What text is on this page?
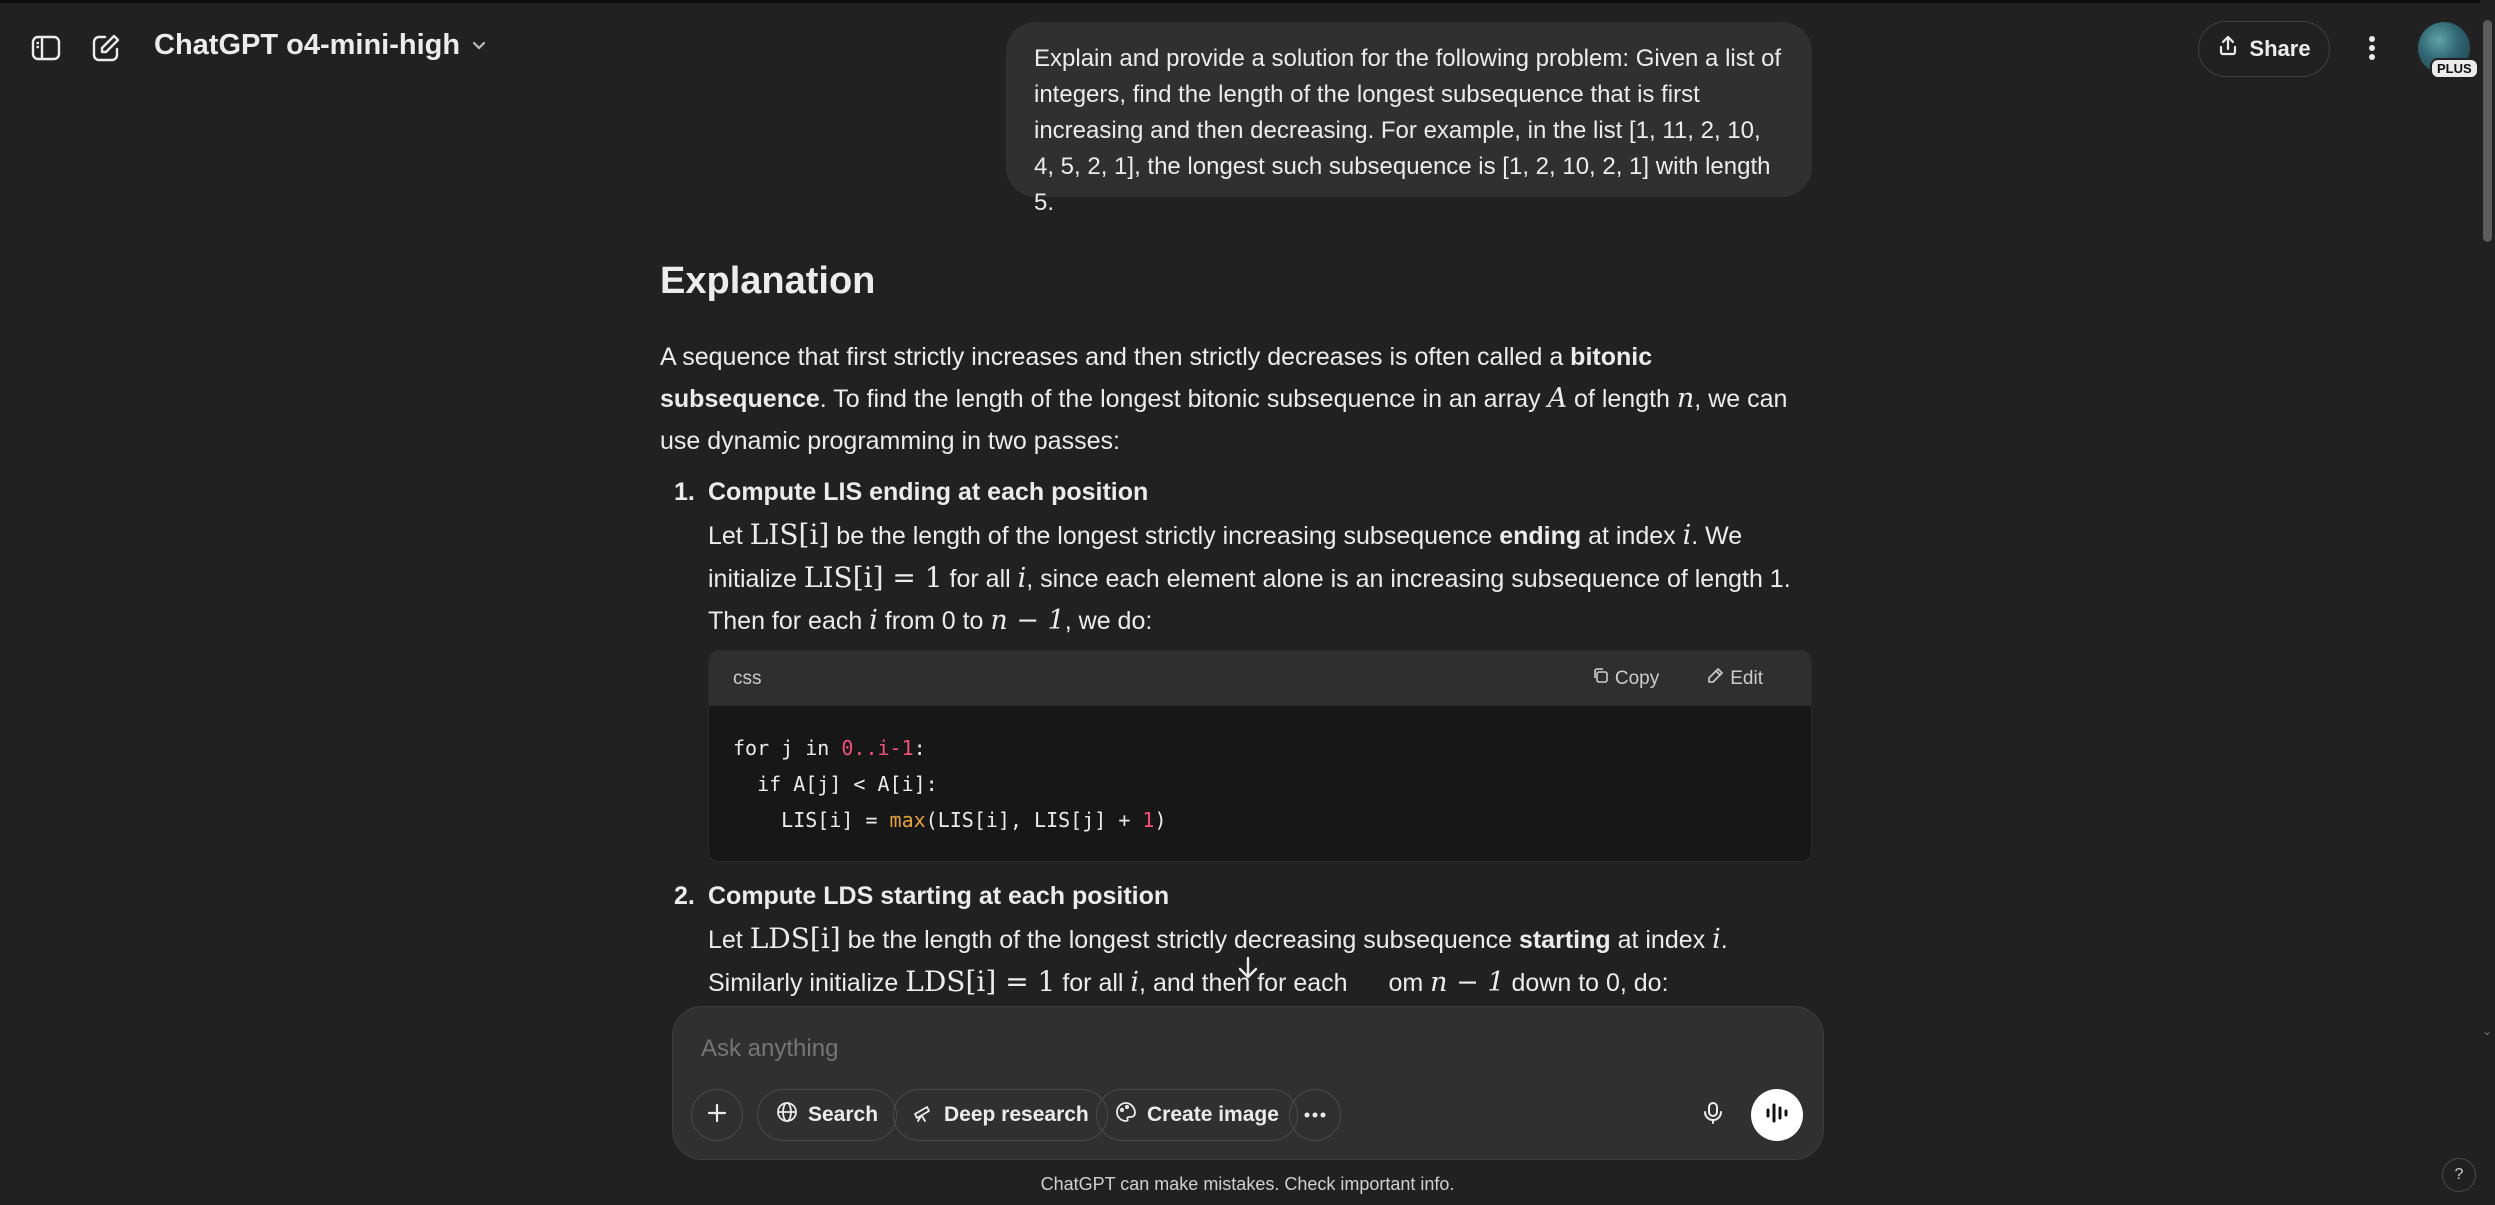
ChatGPT o4-mini-high	Share
PLUS
Explain and provide a solution for the following problem: Given a list of integers, find the length of the longest subsequence that is first increasing and then decreasing. For example, in the list [1, 11, 2, 10, 4, 5, 2, 1], the longest such subsequence is [1, 2, 10, 2, 1] with length 5.
Explanation
A sequence that first strictly increases and then strictly decreases is often called a bitonic subsequence. To find the length of the longest bitonic subsequence in an array A of length n, we can use dynamic programming in two passes:
1. Compute LIS ending at each position
Let LIS[i] be the length of the longest strictly increasing subsequence ending at index i. We initialize LIS[i] = 1 for all i, since each element alone is an increasing subsequence of length 1. Then for each i from 0 to n − 1, we do:
2. Compute LDS starting at each position
Let LDS[i] be the length of the longest strictly decreasing subsequence starting at index i. Similarly initialize LDS[i] = 1 for all i, and then for each om n − 1 down to 0, do:
css	Copy	Edit
for j in 0..i-1:
if A[j] < A[i]:
LIS[i] = max(LIS[i], LIS[j] + 1)
Ask anything
Search	Deep research	Create image
ChatGPT can make mistakes. Check important info.	?
⌄
